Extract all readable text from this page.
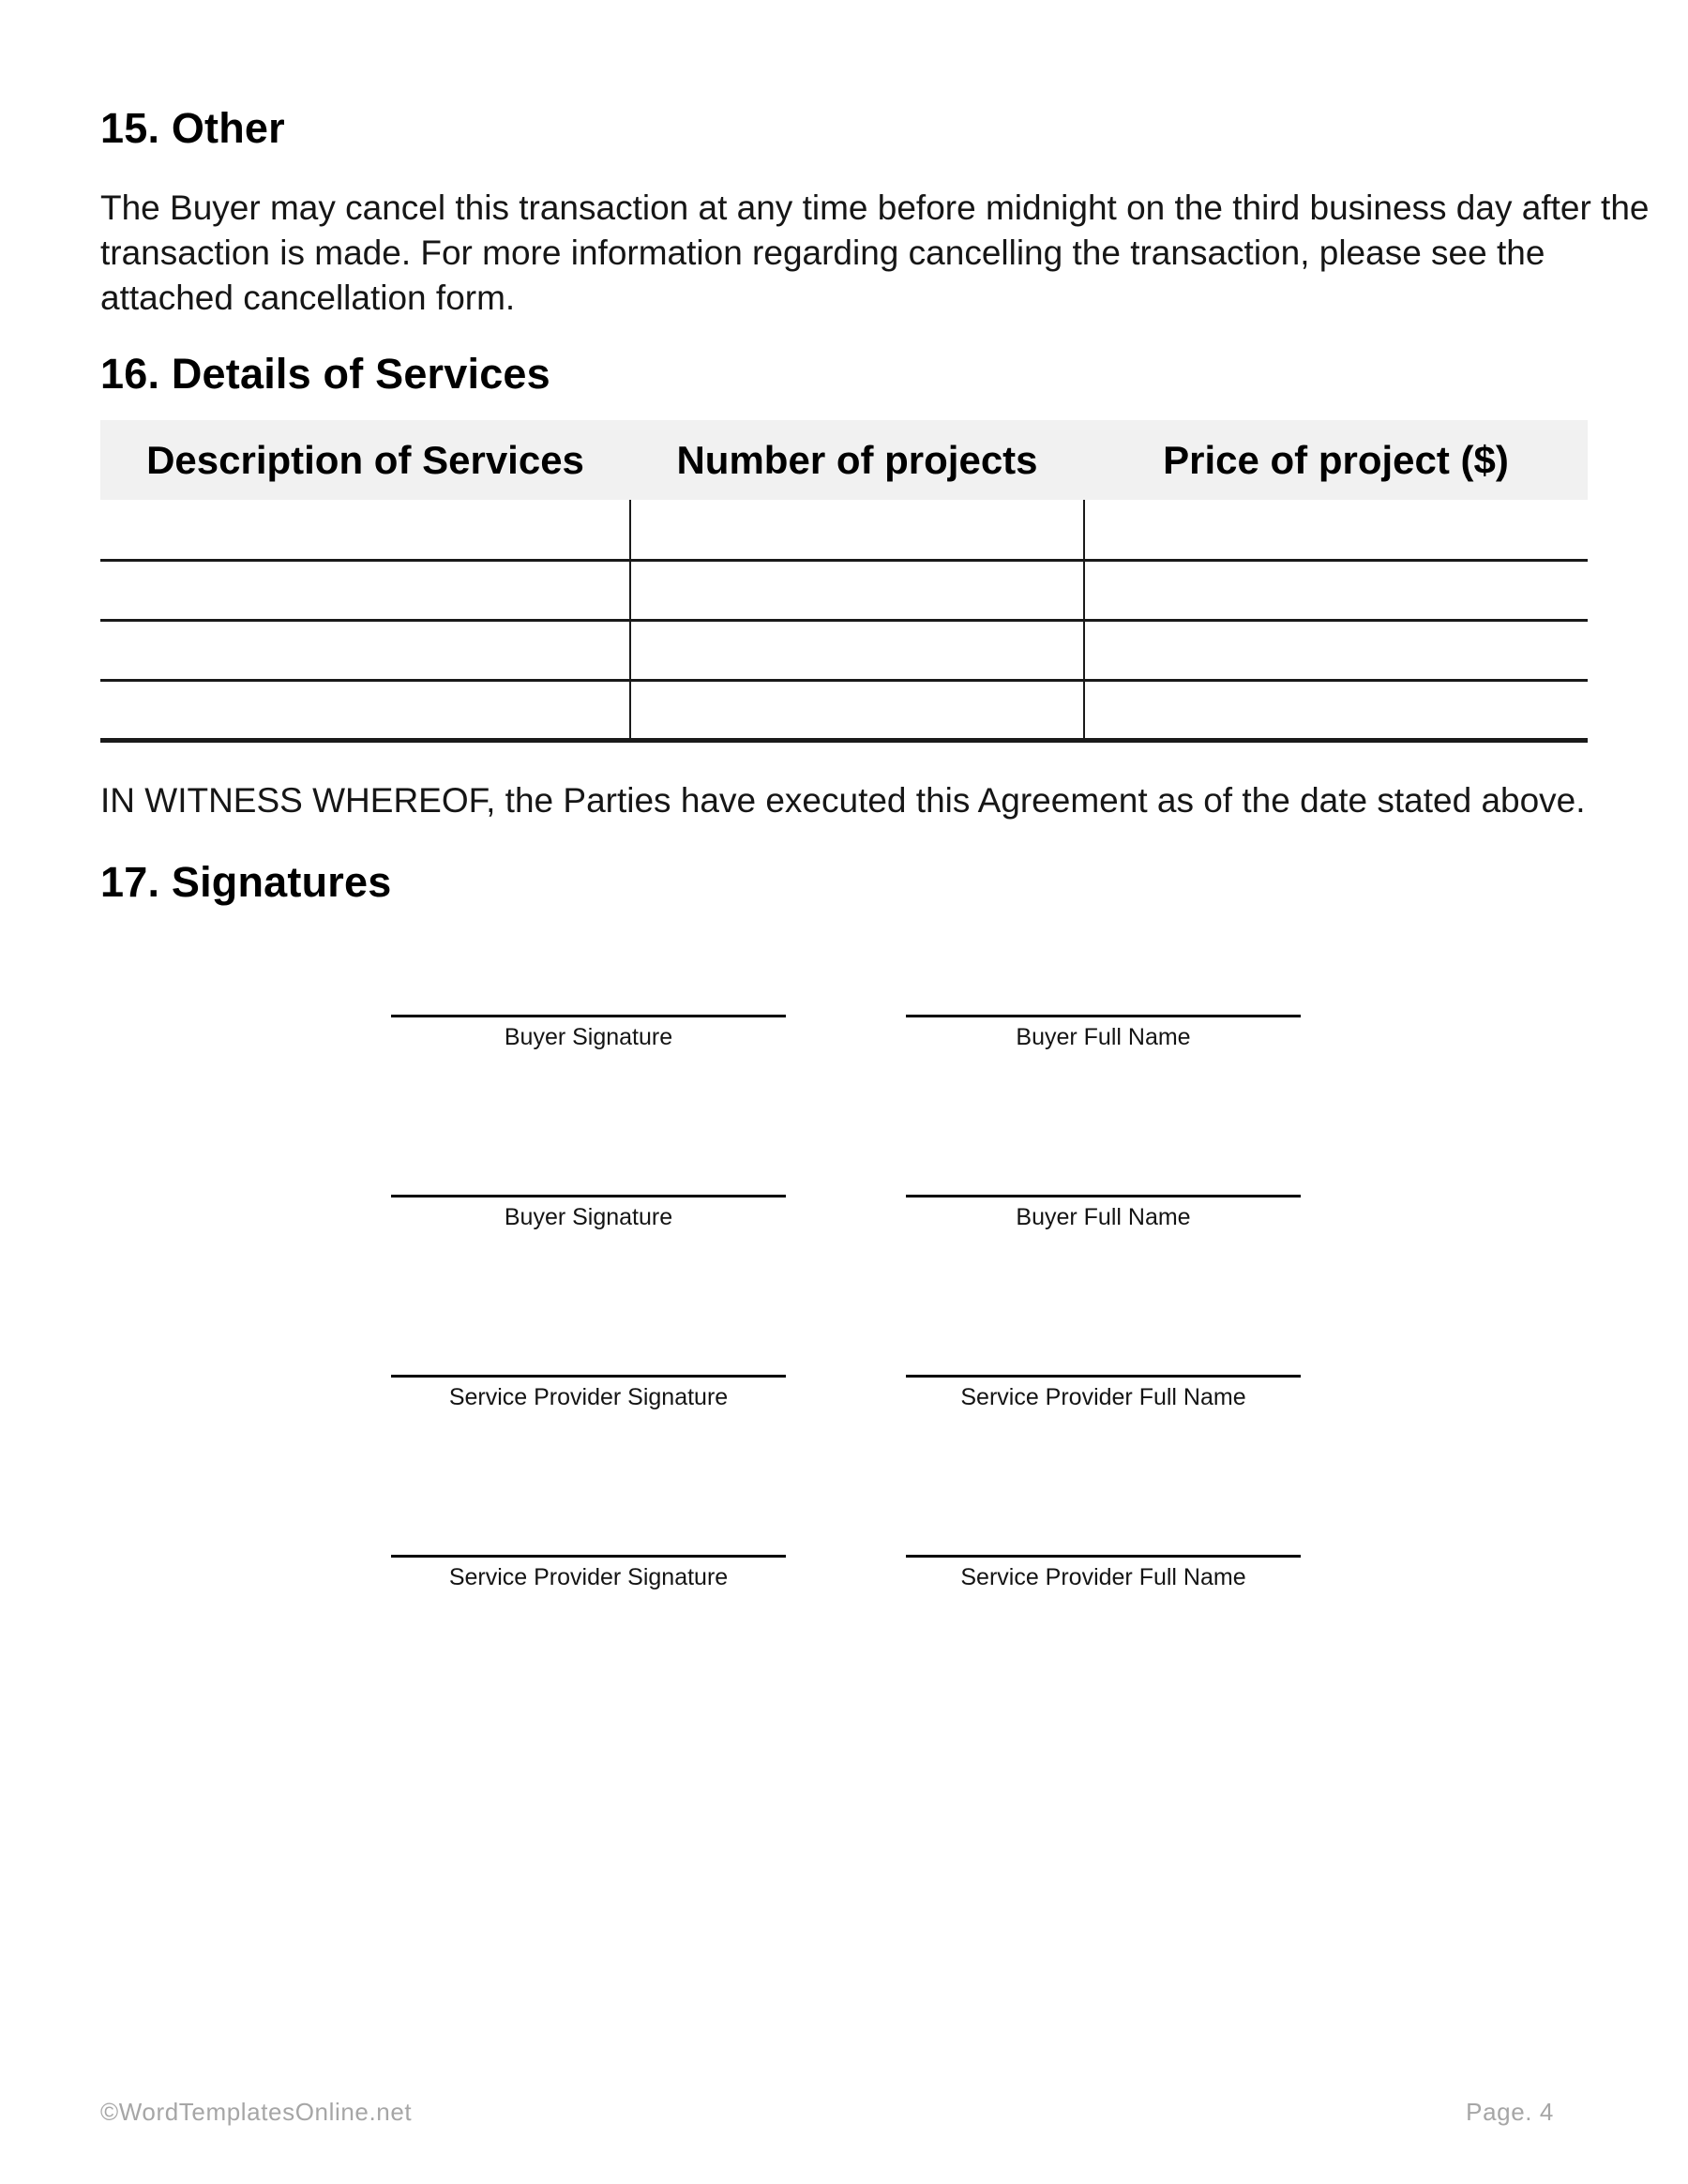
15. Other
The Buyer may cancel this transaction at any time before midnight on the third business day after the
transaction is made. For more information regarding cancelling the transaction, please see the
attached cancellation form.
16. Details of Services
Description of Services	Number of projects	Price of project ($)

IN WITNESS WHEREOF, the Parties have executed this Agreement as of the date stated above.
17. Signatures
Buyer Signature	Buyer Full Name
Buyer Signature	Buyer Full Name
Service Provider Signature	Service Provider Full Name
Service Provider Signature	Service Provider Full Name
©WordTemplatesOnline.net	Page. 4
